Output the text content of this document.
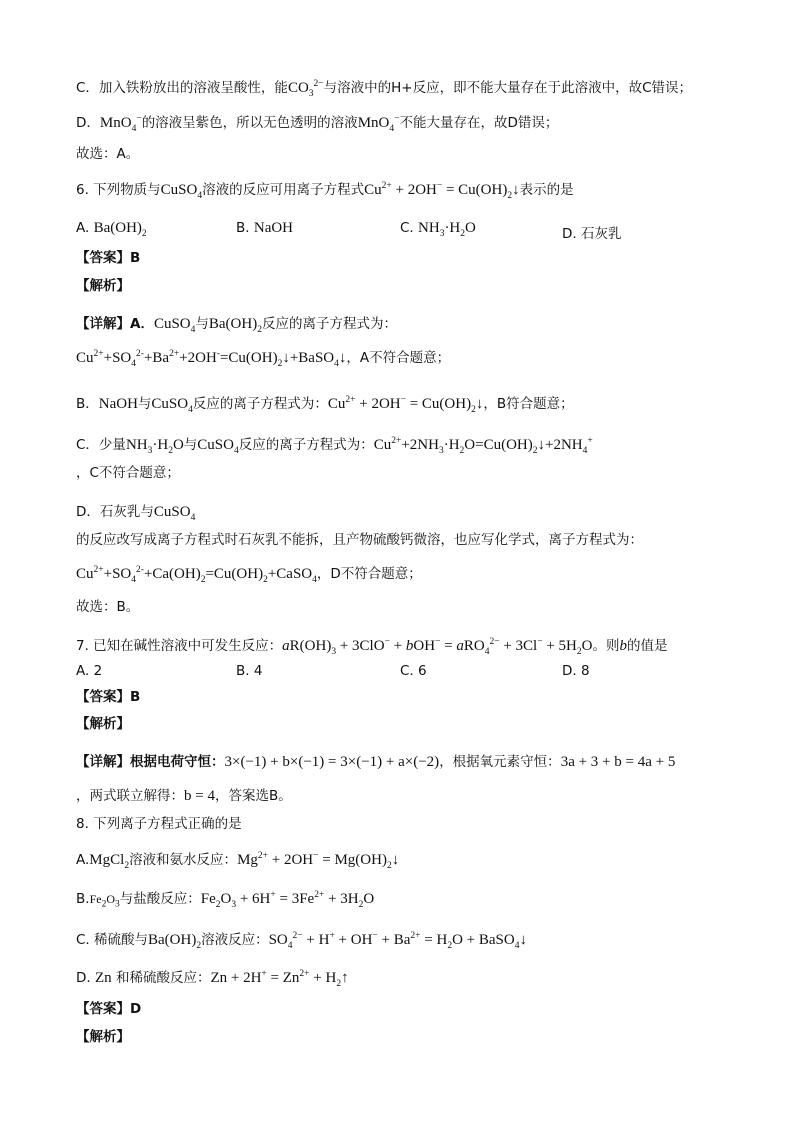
C．加入铁粉放出的溶液呈酸性，能$CO_3^{2-}$与溶液中的H+反应，即不能大量存在于此溶液中，故C错误；
D．MnO$_4$−的溶液呈紫色，所以无色透明的溶液MnO$_4$−不能大量存在，故D错误；
故选：A。
6. 下列物质与CuSO$_4$溶液的反应可用离子方程式$Cu^{2+} + 2OH^-$ = $Cu(OH)_2↓$表示的是
A. $Ba(OH)_2$	B. NaOH	C. $NH_3\cdot H_2O$	D. 石灰乳
【答案】B
【解析】
【详解】A．CuSO$_4$与$Ba(OH)_2$反应的离子方程式为：
$Cu^{2+}+SO_4^{2-}+Ba^{2+}+2OH^-=Cu(OH)_2↓+BaSO_4↓$，A不符合题意；
B．NaOH与CuSO$_4$反应的离子方程式为：$Cu^{2+} + 2OH^-$ = $Cu(OH)_2↓$，B符合题意；
C．少量$NH_3\cdot H_2O$与CuSO$_4$反应的离子方程式为：$Cu^{2+}+2NH_3\cdot H_2O=Cu(OH)_2↓+2NH_4^+$
，C不符合题意；
D．石灰乳与CuSO$_4$
的反应改写成离子方程式时石灰乳不能拆，且产物硫酸钙微溶，也应写化学式，离子方程式为：
$Cu^{2+}+SO_4^{2-}+Ca(OH)_2=Cu(OH)_2+CaSO_4$，D不符合题意；
故选：B。
7. 已知在碱性溶液中可发生反应：$aR(OH)_3 + 3ClO^- + bOH^- = aRO_4^{2-} + 3Cl^- + 5H_2O$。则b的值是
A. 2	B. 4	C. 6	D. 8
【答案】B
【解析】
【详解】根据电荷守恒：3×(−1) + b×(−1) = 3×(−1) + a×(−2)，根据氧元素守恒：3a + 3 + b = 4a + 5
，两式联立解得：b = 4，答案选B。
8. 下列离子方程式正确的是
A.MgCl$_2$溶液和氨水反应：$Mg^{2+} + 2OH^-$ = $Mg(OH)_2↓$
$B.Fe_2O_3$与盐酸反应：$Fe_2O_3 + 6H^+ = 3Fe^{2+} + 3H_2O$
C. 稀硫酸与$Ba(OH)_2$溶液反应：$SO_4^{2-} + H^+ + OH^- + Ba^{2+} = H_2O$ + BaSO$_4$↓
D. Zn 和稀硫酸反应：$Zn + 2H^+ = Zn^{2+}$ + $H_2↑$
【答案】D
【解析】
